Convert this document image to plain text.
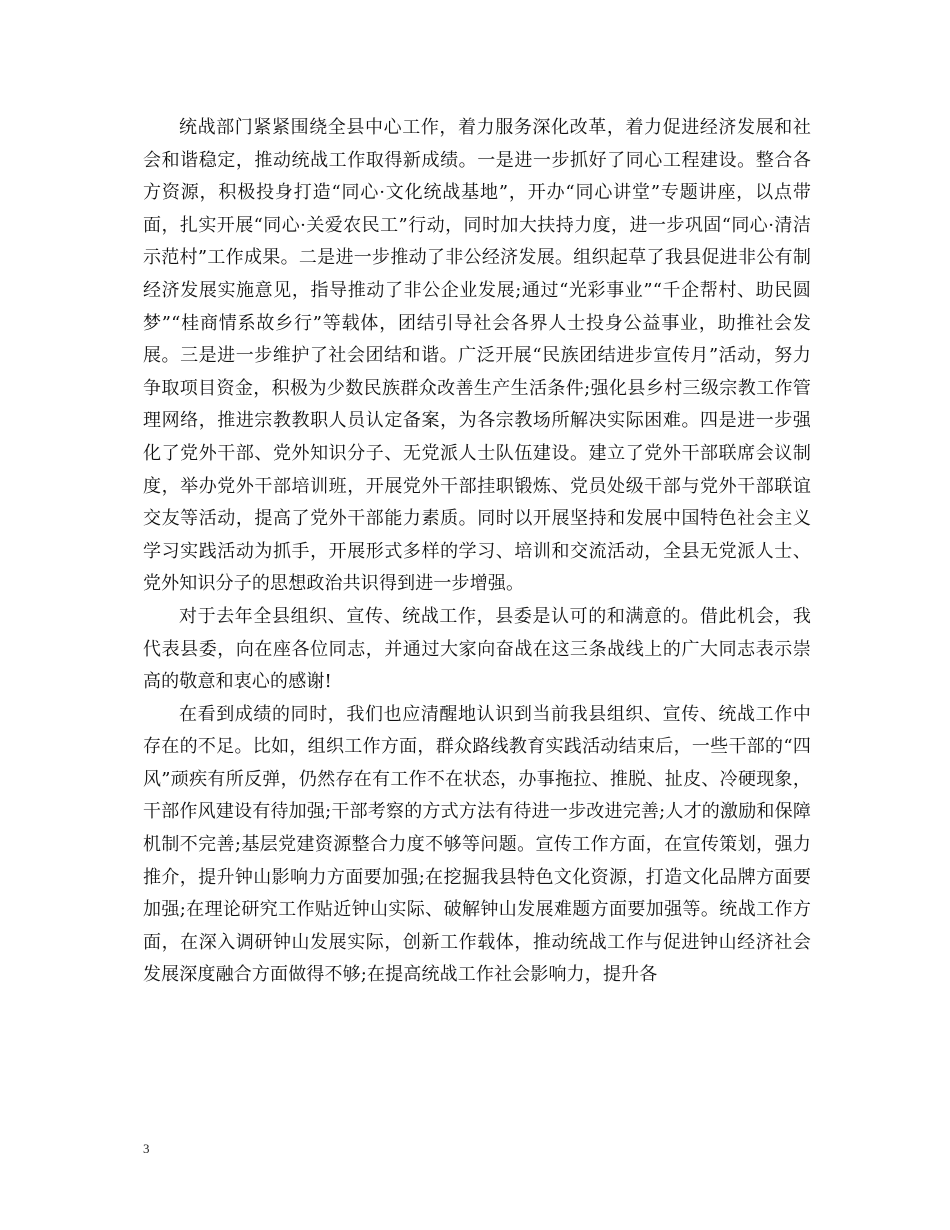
统战部门紧紧围绕全县中心工作，着力服务深化改革，着力促进经济发展和社会和谐稳定，推动统战工作取得新成绩。一是进一步抓好了同心工程建设。整合各方资源，积极投身打造“同心·文化统战基地”，开办“同心讲堂”专题讲座，以点带面，扎实开展“同心·关爱农民工”行动，同时加大扶持力度，进一步巩固“同心·清洁示范村”工作成果。二是进一步推动了非公经济发展。组织起草了我县促进非公有制经济发展实施意见，指导推动了非公企业发展;通过“光彩事业”“千企帮村、助民圆梦”“桂商情系故乡行”等载体，团结引导社会各界人士投身公益事业，助推社会发展。三是进一步维护了社会团结和谐。广泛开展“民族团结进步宣传月”活动，努力争取项目资金，积极为少数民族群众改善生产生活条件;强化县乡村三级宗教工作管理网络，推进宗教教职人员认定备案，为各宗教场所解决实际困难。四是进一步强化了党外干部、党外知识分子、无党派人士队伍建设。建立了党外干部联席会议制度，举办党外干部培训班，开展党外干部挂职锻炼、党员处级干部与党外干部联谊交友等活动，提高了党外干部能力素质。同时以开展坚持和发展中国特色社会主义学习实践活动为抓手，开展形式多样的学习、培训和交流活动，全县无党派人士、党外知识分子的思想政治共识得到进一步增强。

对于去年全县组织、宣传、统战工作，县委是认可的和满意的。借此机会，我代表县委，向在座各位同志，并通过大家向奋战在这三条战线上的广大同志表示崇高的敬意和衷心的感谢!

在看到成绩的同时，我们也应清醒地认识到当前我县组织、宣传、统战工作中存在的不足。比如，组织工作方面，群众路线教育实践活动结束后，一些干部的“四风”顽疾有所反弹，仍然存在有工作不在状态，办事拖拉、推脱、扯皮、冷硬现象，干部作风建设有待加强;干部考察的方式方法有待进一步改进完善;人才的激励和保障机制不完善;基层党建资源整合力度不够等问题。宣传工作方面，在宣传策划，强力推介，提升钟山影响力方面要加强;在挖掘我县特色文化资源，打造文化品牌方面要加强;在理论研究工作贴近钟山实际、破解钟山发展难题方面要加强等。统战工作方面，在深入调研钟山发展实际，创新工作载体，推动统战工作与促进钟山经济社会发展深度融合方面做得不够;在提高统战工作社会影响力，提升各

3
